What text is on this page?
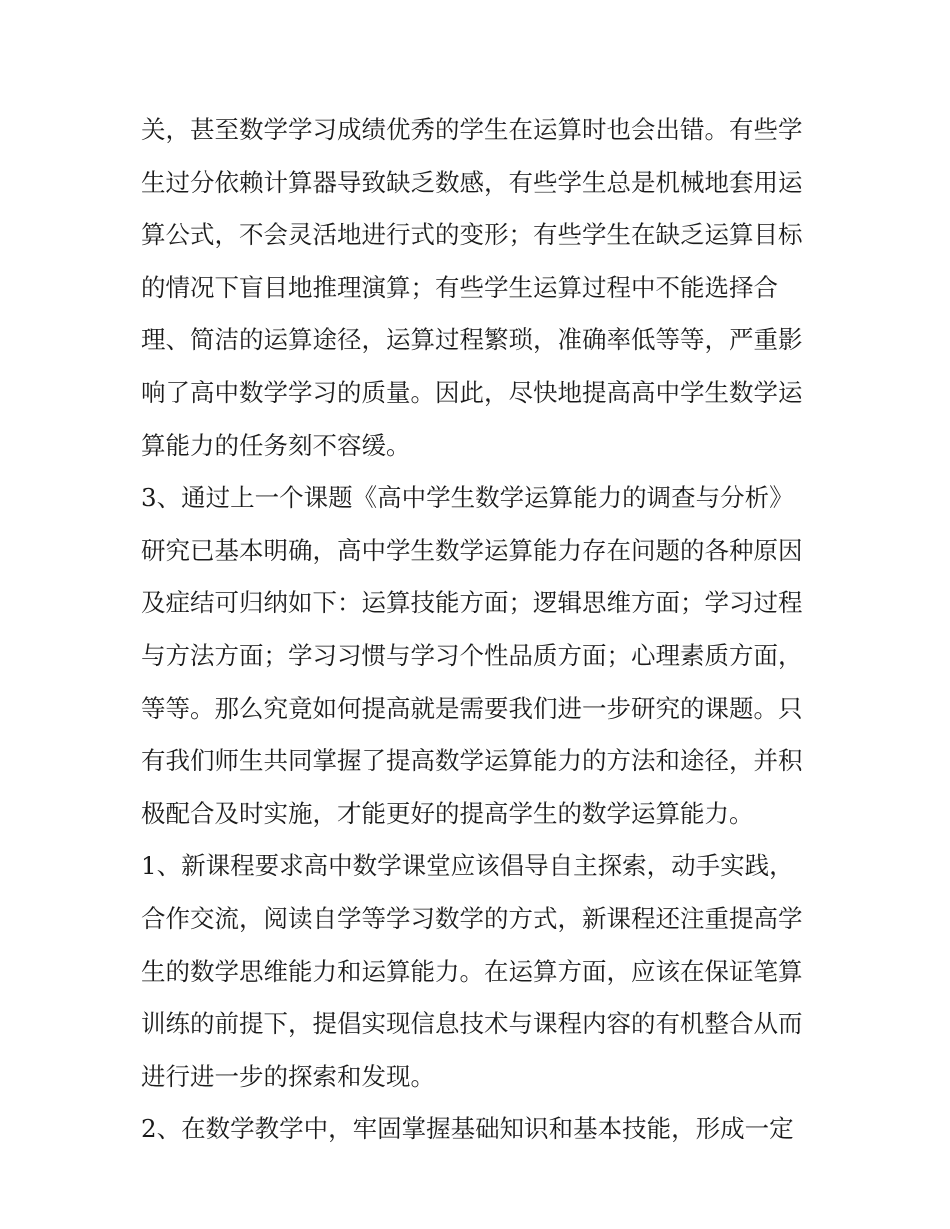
关，甚至数学学习成绩优秀的学生在运算时也会出错。有些学
生过分依赖计算器导致缺乏数感，有些学生总是机械地套用运
算公式，不会灵活地进行式的变形；有些学生在缺乏运算目标
的情况下盲目地推理演算；有些学生运算过程中不能选择合
理、简洁的运算途径，运算过程繁琐，准确率低等等，严重影
响了高中数学学习的质量。因此，尽快地提高高中学生数学运
算能力的任务刻不容缓。
3、通过上一个课题《高中学生数学运算能力的调查与分析》
研究已基本明确，高中学生数学运算能力存在问题的各种原因
及症结可归纳如下：运算技能方面；逻辑思维方面；学习过程
与方法方面；学习习惯与学习个性品质方面；心理素质方面，
等等。那么究竟如何提高就是需要我们进一步研究的课题。只
有我们师生共同掌握了提高数学运算能力的方法和途径，并积
极配合及时实施，才能更好的提高学生的数学运算能力。
1、新课程要求高中数学课堂应该倡导自主探索，动手实践，
合作交流，阅读自学等学习数学的方式，新课程还注重提高学
生的数学思维能力和运算能力。在运算方面，应该在保证笔算
训练的前提下，提倡实现信息技术与课程内容的有机整合从而
进行进一步的探索和发现。
2、在数学教学中，牢固掌握基础知识和基本技能，形成一定
